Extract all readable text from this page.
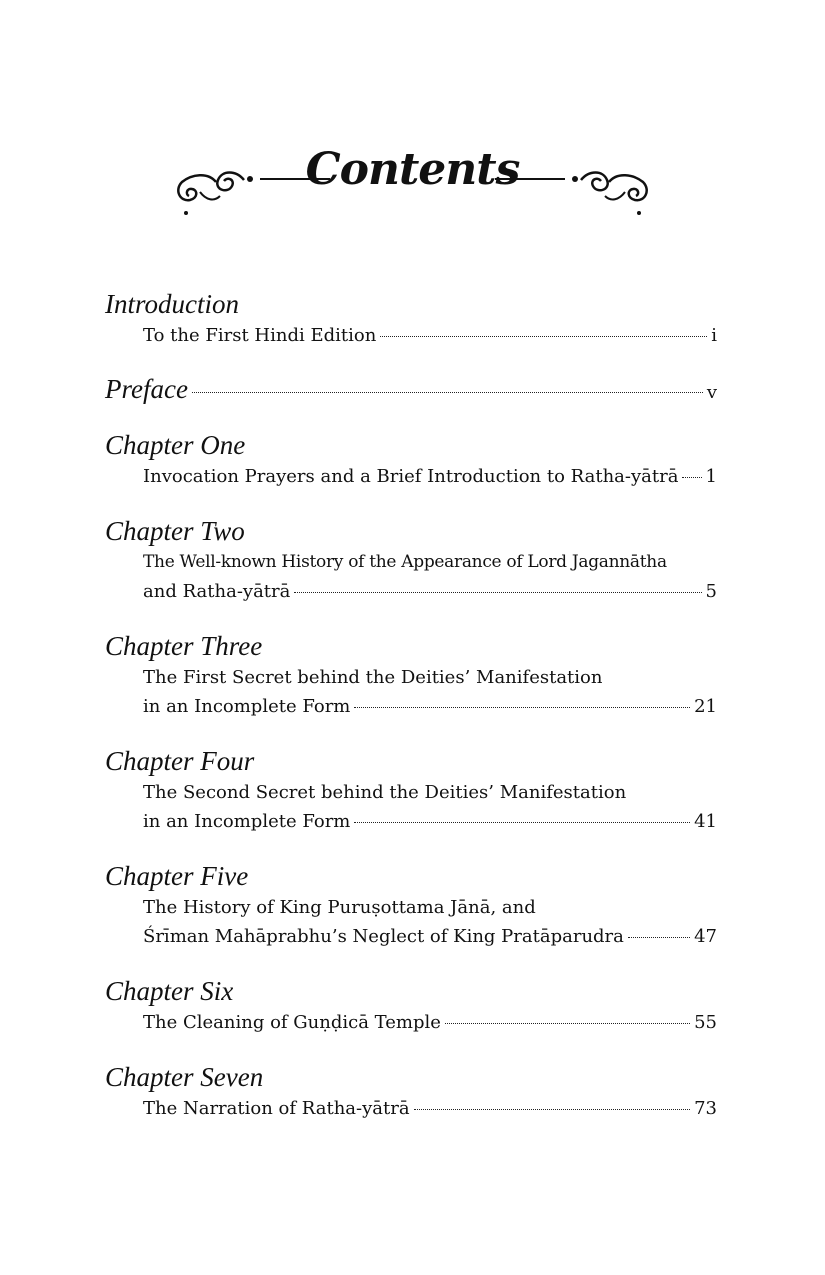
Contents
Introduction
To the First Hindi Edition	i
Preface	v
Chapter One
Invocation Prayers and a Brief Introduction to Ratha-yātrā 1
Chapter Two
The Well-known History of the Appearance of Lord Jagannātha
and Ratha-yātrā	5
Chapter Three
The First Secret behind the Deities’ Manifestation
in an Incomplete Form	21
Chapter Four
The Second Secret behind the Deities’ Manifestation
in an Incomplete Form	41
Chapter Five
The History of King Puruṣottama Jānā, and
Śrīman Mahāprabhu’s Neglect of King Pratāparudra	47
Chapter Six
The Cleaning of Guṇḍicā Temple	55
Chapter Seven
The Narration of Ratha-yātrā	73
